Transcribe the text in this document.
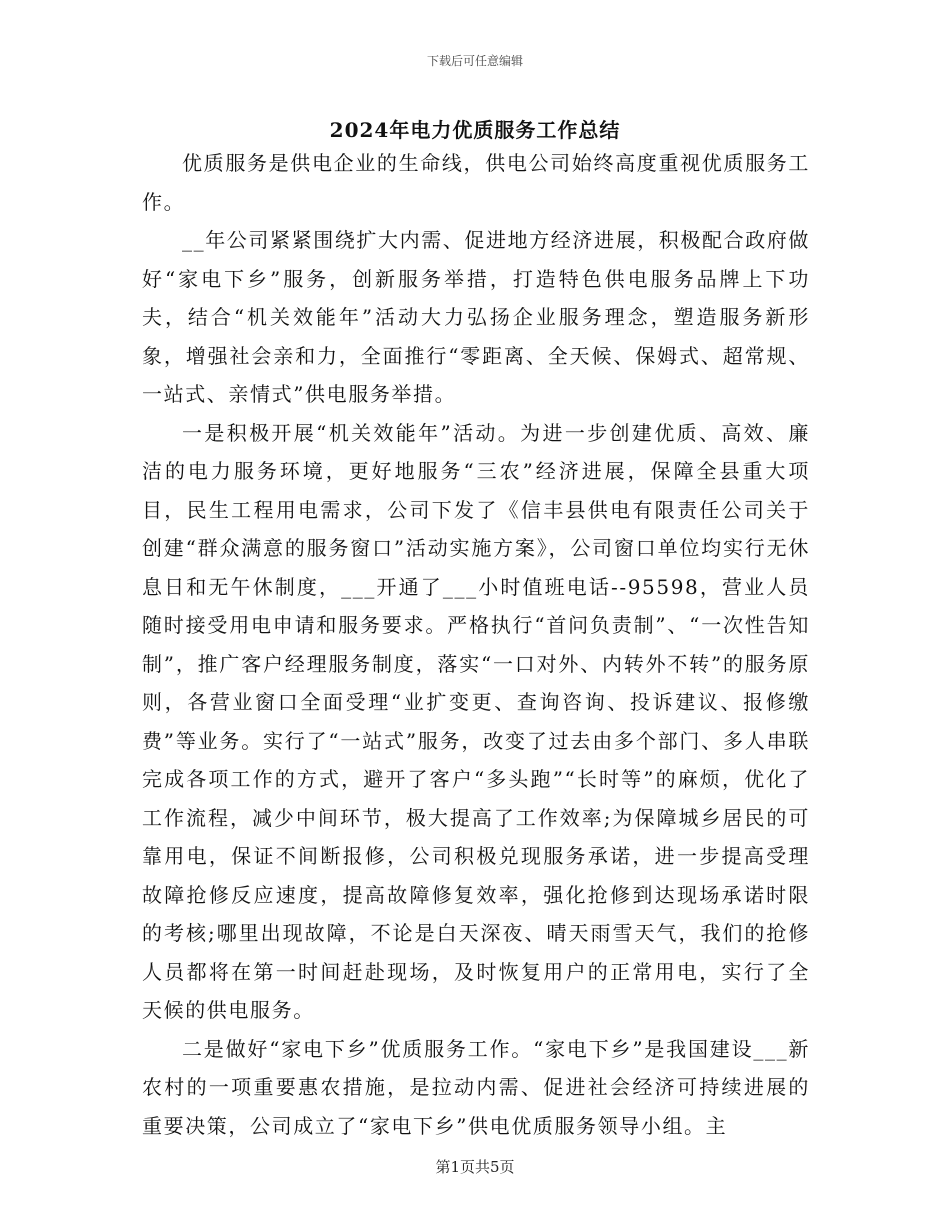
下载后可任意编辑
2024年电力优质服务工作总结

优质服务是供电企业的生命线，供电公司始终高度重视优质服务工作。

__年公司紧紧围绕扩大内需、促进地方经济进展，积极配合政府做好“家电下乡”服务，创新服务举措，打造特色供电服务品牌上下功夫，结合“机关效能年”活动大力弘扬企业服务理念，塑造服务新形象，增强社会亲和力，全面推行“零距离、全天候、保姆式、超常规、一站式、亲情式”供电服务举措。

一是积极开展“机关效能年”活动。为进一步创建优质、高效、廉洁的电力服务环境，更好地服务“三农”经济进展，保障全县重大项目，民生工程用电需求，公司下发了《信丰县供电有限责任公司关于创建“群众满意的服务窗口”活动实施方案》，公司窗口单位均实行无休息日和无午休制度，___开通了___小时值班电话--95598，营业人员随时接受用电申请和服务要求。严格执行“首问负责制”、“一次性告知制”，推广客户经理服务制度，落实“一口对外、内转外不转”的服务原则，各营业窗口全面受理“业扩变更、查询咨询、投诉建议、报修缴费”等业务。实行了“一站式”服务，改变了过去由多个部门、多人串联完成各项工作的方式，避开了客户“多头跑”“长时等”的麻烦，优化了工作流程，减少中间环节，极大提高了工作效率;为保障城乡居民的可靠用电，保证不间断报修，公司积极兑现服务承诺，进一步提高受理故障抢修反应速度，提高故障修复效率，强化抢修到达现场承诺时限的考核;哪里出现故障，不论是白天深夜、晴天雨雪天气，我们的抢修人员都将在第一时间赶赴现场，及时恢复用户的正常用电，实行了全天候的供电服务。

二是做好“家电下乡”优质服务工作。“家电下乡”是我国建设___新农村的一项重要惠农措施，是拉动内需、促进社会经济可持续进展的重要决策，公司成立了“家电下乡”供电优质服务领导小组。主

第1页共5页
